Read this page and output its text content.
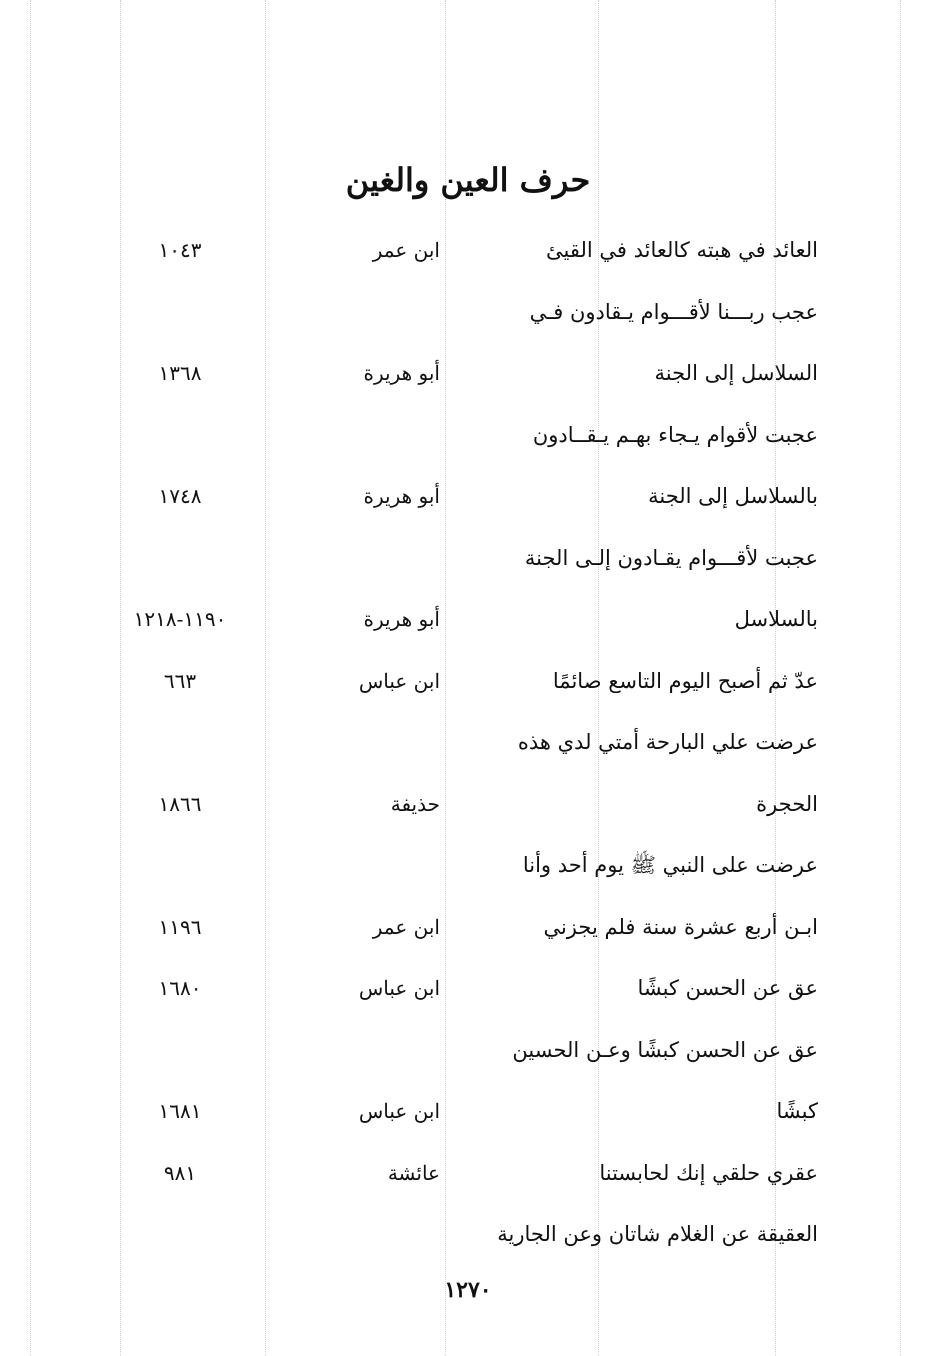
حرف العين والغين
العائد في هبته كالعائد في القيئ
ابن عمر
١٠٤٣
عجب ربـــنا لأقـــوام يـقادون فـي
السلاسل إلى الجنة
أبو هريرة
١٣٦٨
عجبت لأقوام يـجاء بهـم يـقــادون
بالسلاسل إلى الجنة
أبو هريرة
١٧٤٨
عجبت لأقـــوام يقـادون إلـى الجنة
بالسلاسل
أبو هريرة
١١٩٠-١٢١٨
عدّ ثم أصبح اليوم التاسع صائمًا
ابن عباس
٦٦٣
عرضت علي البارحة أمتي لدي هذه
الحجرة
حذيفة
١٨٦٦
عرضت على النبي ﷺ يوم أحد وأنا
ابـن أربع عشرة سنة فلم يجزني
ابن عمر
١١٩٦
عق عن الحسن كبشًا
ابن عباس
١٦٨٠
عق عن الحسن كبشًا وعـن الحسين
كبشًا
ابن عباس
١٦٨١
عقري حلقي إنك لحابستنا
عائشة
٩٨١
العقيقة عن الغلام شاتان وعن الجارية
١٢٧٠
